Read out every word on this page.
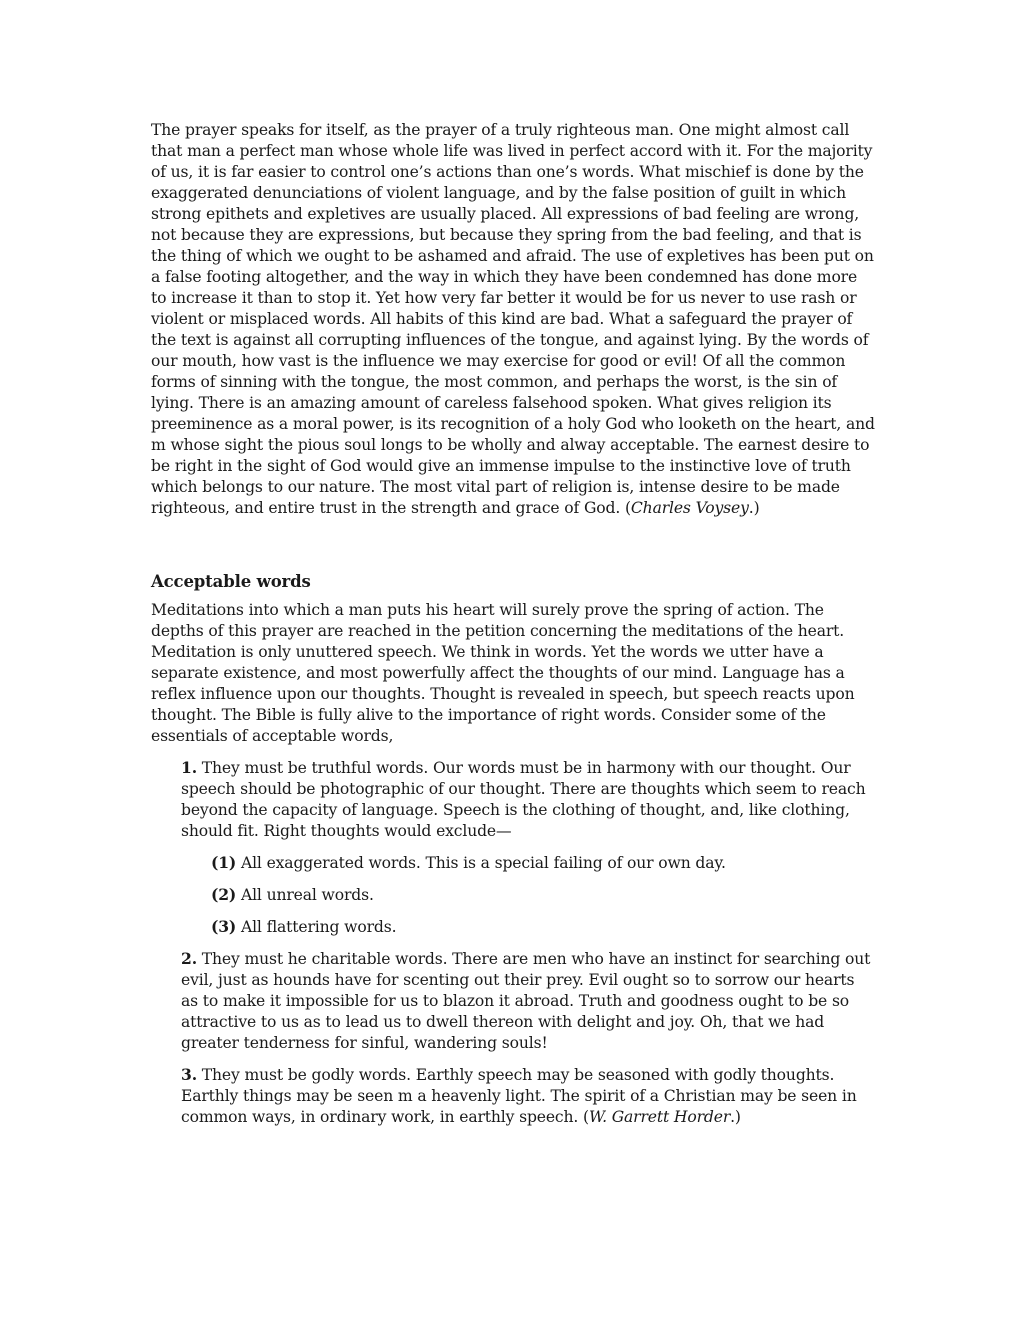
The prayer speaks for itself, as the prayer of a truly righteous man. One might almost call that man a perfect man whose whole life was lived in perfect accord with it. For the majority of us, it is far easier to control one’s actions than one’s words. What mischief is done by the exaggerated denunciations of violent language, and by the false position of guilt in which strong epithets and expletives are usually placed. All expressions of bad feeling are wrong, not because they are expressions, but because they spring from the bad feeling, and that is the thing of which we ought to be ashamed and afraid. The use of expletives has been put on a false footing altogether, and the way in which they have been condemned has done more to increase it than to stop it. Yet how very far better it would be for us never to use rash or violent or misplaced words. All habits of this kind are bad. What a safeguard the prayer of the text is against all corrupting influences of the tongue, and against lying. By the words of our mouth, how vast is the influence we may exercise for good or evil! Of all the common forms of sinning with the tongue, the most common, and perhaps the worst, is the sin of lying. There is an amazing amount of careless falsehood spoken. What gives religion its preeminence as a moral power, is its recognition of a holy God who looketh on the heart, and m whose sight the pious soul longs to be wholly and alway acceptable. The earnest desire to be right in the sight of God would give an immense impulse to the instinctive love of truth which belongs to our nature. The most vital part of religion is, intense desire to be made righteous, and entire trust in the strength and grace of God. (Charles Voysey.)

Acceptable words

Meditations into which a man puts his heart will surely prove the spring of action. The depths of this prayer are reached in the petition concerning the meditations of the heart. Meditation is only unuttered speech. We think in words. Yet the words we utter have a separate existence, and most powerfully affect the thoughts of our mind. Language has a reflex influence upon our thoughts. Thought is revealed in speech, but speech reacts upon thought. The Bible is fully alive to the importance of right words. Consider some of the essentials of acceptable words,

1. They must be truthful words. Our words must be in harmony with our thought. Our speech should be photographic of our thought. There are thoughts which seem to reach beyond the capacity of language. Speech is the clothing of thought, and, like clothing, should fit. Right thoughts would exclude—

(1) All exaggerated words. This is a special failing of our own day.

(2) All unreal words.

(3) All flattering words.

2. They must he charitable words. There are men who have an instinct for searching out evil, just as hounds have for scenting out their prey. Evil ought so to sorrow our hearts as to make it impossible for us to blazon it abroad. Truth and goodness ought to be so attractive to us as to lead us to dwell thereon with delight and joy. Oh, that we had greater tenderness for sinful, wandering souls!

3. They must be godly words. Earthly speech may be seasoned with godly thoughts. Earthly things may be seen m a heavenly light. The spirit of a Christian may be seen in common ways, in ordinary work, in earthly speech. (W. Garrett Horder.)
